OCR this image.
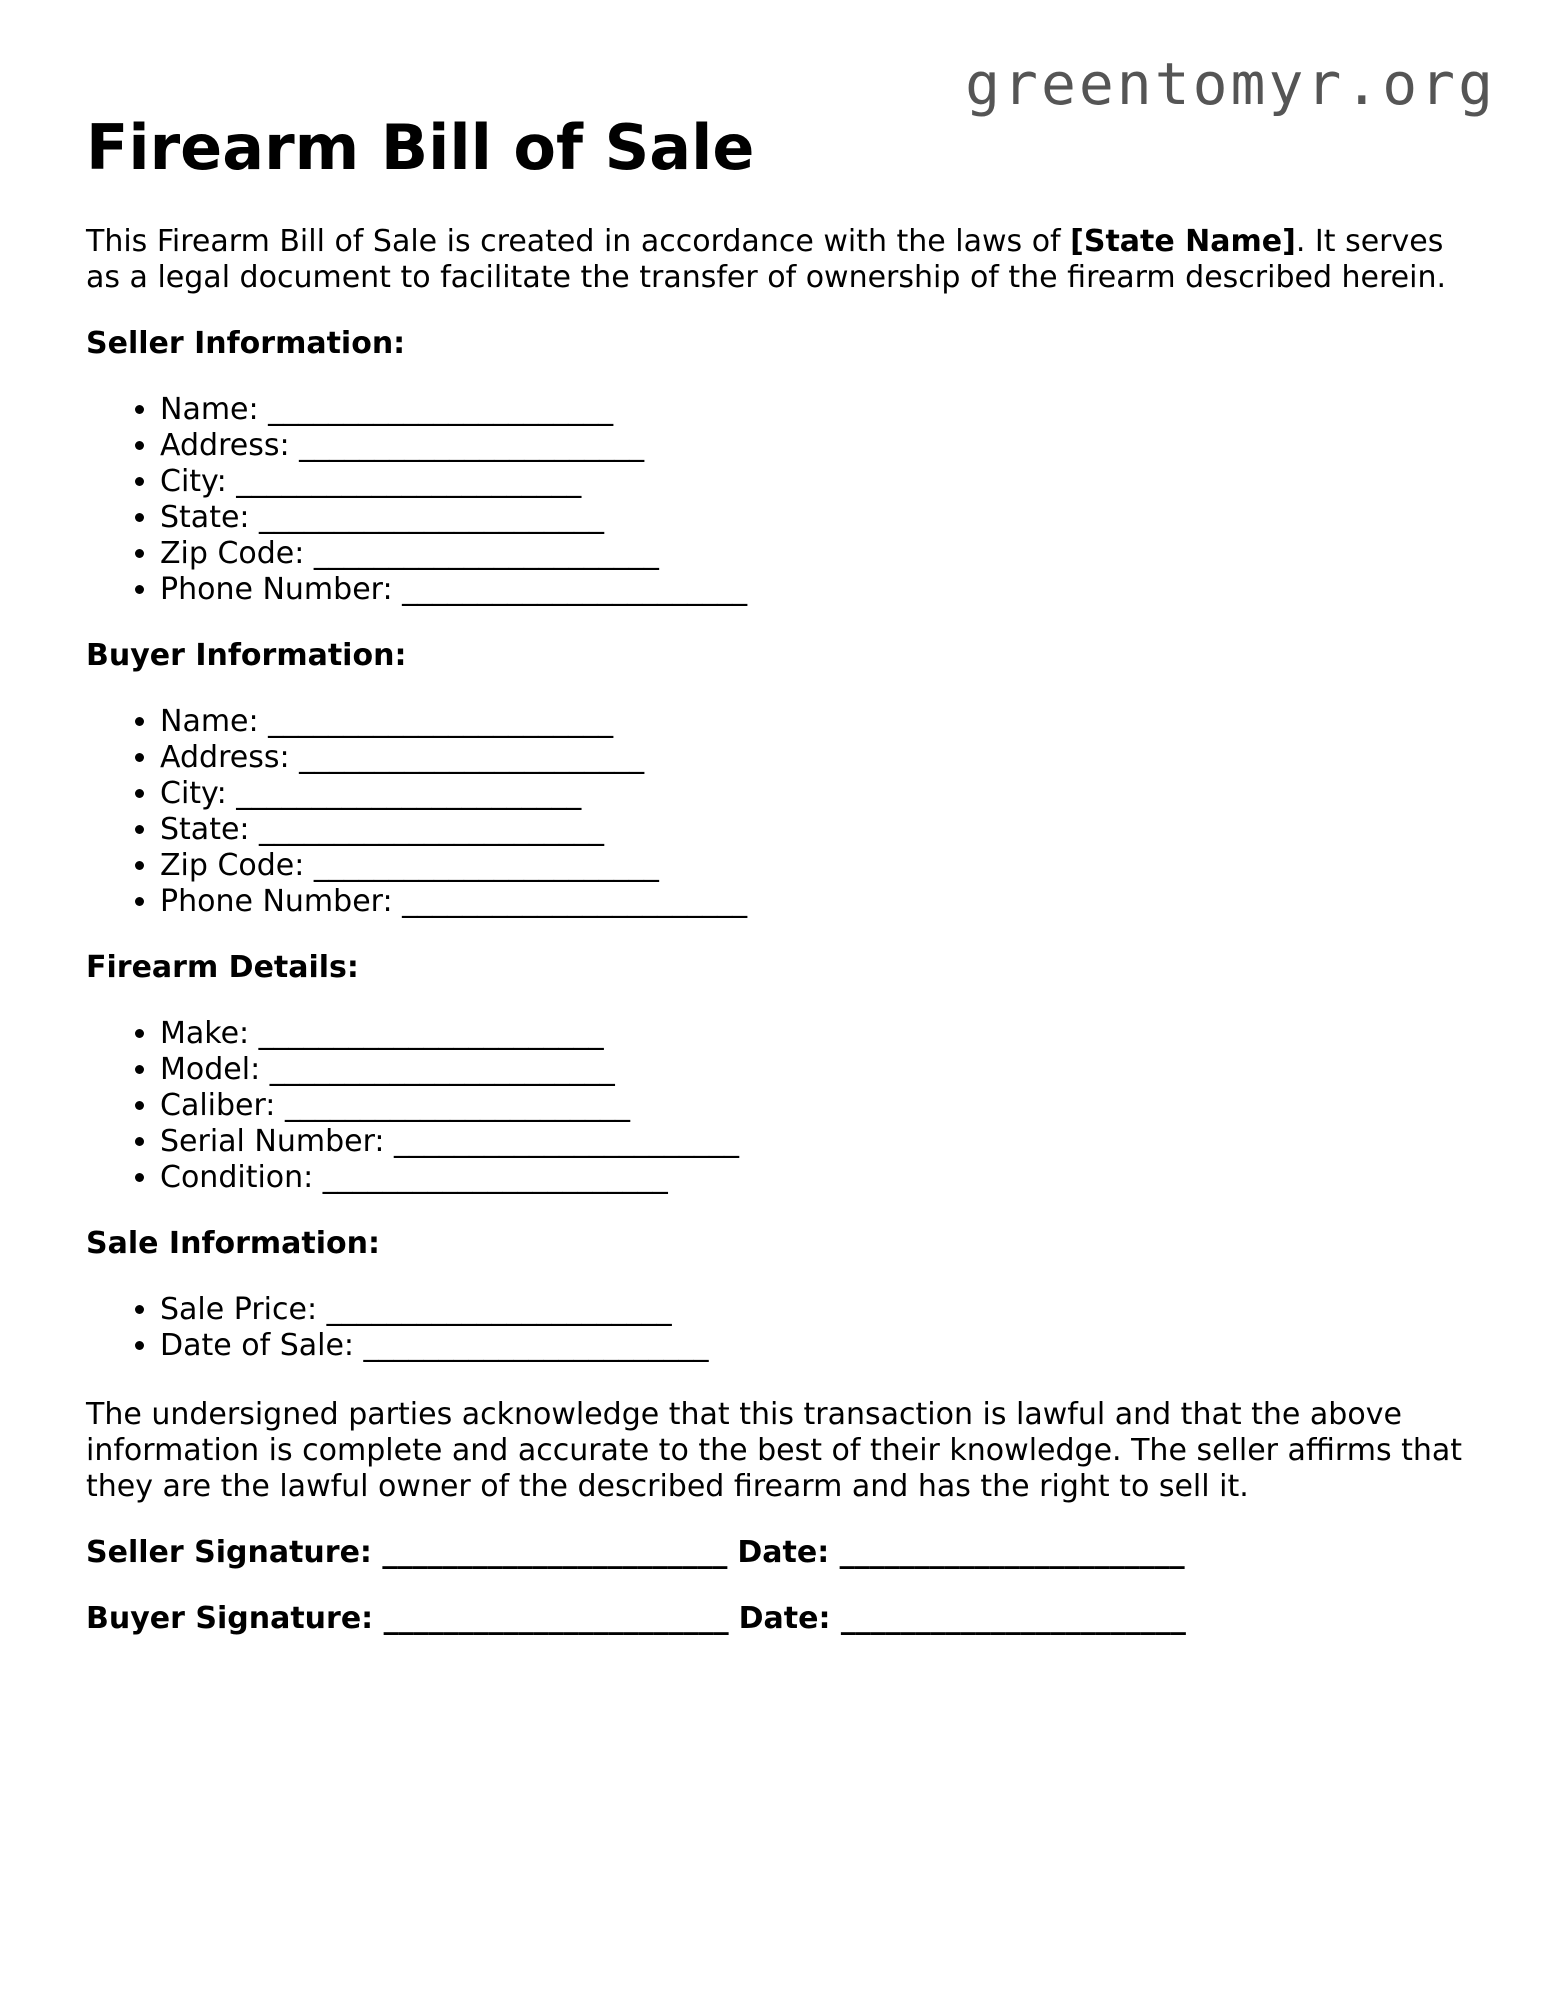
greentomyr.org
Firearm Bill of Sale

This Firearm Bill of Sale is created in accordance with the laws of [State Name]. It serves as a legal document to facilitate the transfer of ownership of the firearm described herein.

Seller Information:
• Name: _______________________
• Address: _______________________
• City: _______________________
• State: _______________________
• Zip Code: _______________________
• Phone Number: _______________________
Buyer Information:
• Name: _______________________
• Address: _______________________
• City: _______________________
• State: _______________________
• Zip Code: _______________________
• Phone Number: _______________________
Firearm Details:
• Make: _______________________
• Model: _______________________
• Caliber: _______________________
• Serial Number: _______________________
• Condition: _______________________
Sale Information:
• Sale Price: _______________________
• Date of Sale: _______________________

The undersigned parties acknowledge that this transaction is lawful and that the above information is complete and accurate to the best of their knowledge. The seller affirms that they are the lawful owner of the described firearm and has the right to sell it.

Seller Signature: _______________________ Date: _______________________
Buyer Signature: _______________________ Date: _______________________
